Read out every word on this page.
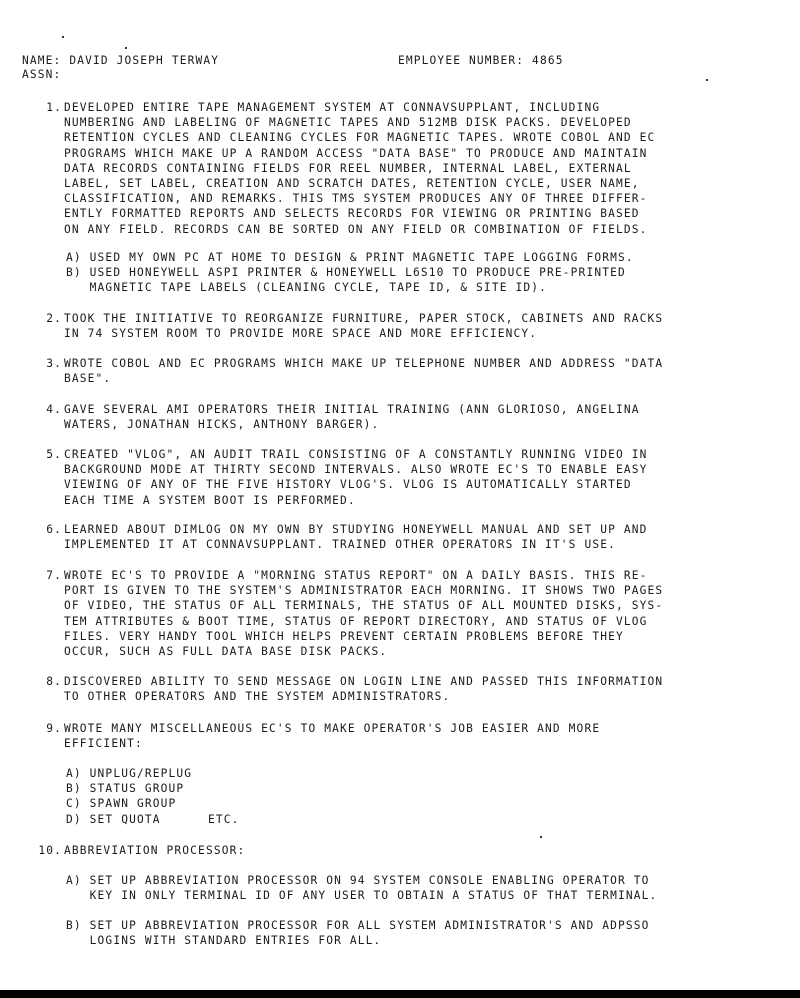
NAME: DAVID JOSEPH TERWAY	EMPLOYEE NUMBER: 4865
ASSN:
1. DEVELOPED ENTIRE TAPE MANAGEMENT SYSTEM AT CONNAVSUPPLANT, INCLUDING
NUMBERING AND LABELING OF MAGNETIC TAPES AND 512MB DISK PACKS. DEVELOPED
RETENTION CYCLES AND CLEANING CYCLES FOR MAGNETIC TAPES. WROTE COBOL AND EC
PROGRAMS WHICH MAKE UP A RANDOM ACCESS "DATA BASE" TO PRODUCE AND MAINTAIN
DATA RECORDS CONTAINING FIELDS FOR REEL NUMBER, INTERNAL LABEL, EXTERNAL
LABEL, SET LABEL, CREATION AND SCRATCH DATES, RETENTION CYCLE, USER NAME,
CLASSIFICATION, AND REMARKS. THIS TMS SYSTEM PRODUCES ANY OF THREE DIFFER-
ENTLY FORMATTED REPORTS AND SELECTS RECORDS FOR VIEWING OR PRINTING BASED
ON ANY FIELD. RECORDS CAN BE SORTED ON ANY FIELD OR COMBINATION OF FIELDS.
A) USED MY OWN PC AT HOME TO DESIGN & PRINT MAGNETIC TAPE LOGGING FORMS.
B) USED HONEYWELL ASPI PRINTER & HONEYWELL L6S10 TO PRODUCE PRE-PRINTED
MAGNETIC TAPE LABELS (CLEANING CYCLE, TAPE ID, & SITE ID).
2. TOOK THE INITIATIVE TO REORGANIZE FURNITURE, PAPER STOCK, CABINETS AND RACKS
IN 74 SYSTEM ROOM TO PROVIDE MORE SPACE AND MORE EFFICIENCY.
3. WROTE COBOL AND EC PROGRAMS WHICH MAKE UP TELEPHONE NUMBER AND ADDRESS "DATA
BASE".
4. GAVE SEVERAL AMI OPERATORS THEIR INITIAL TRAINING (ANN GLORIOSO, ANGELINA
WATERS, JONATHAN HICKS, ANTHONY BARGER).
5. CREATED "VLOG", AN AUDIT TRAIL CONSISTING OF A CONSTANTLY RUNNING VIDEO IN
BACKGROUND MODE AT THIRTY SECOND INTERVALS. ALSO WROTE EC'S TO ENABLE EASY
VIEWING OF ANY OF THE FIVE HISTORY VLOG'S. VLOG IS AUTOMATICALLY STARTED
EACH TIME A SYSTEM BOOT IS PERFORMED.
6. LEARNED ABOUT DIMLOG ON MY OWN BY STUDYING HONEYWELL MANUAL AND SET UP AND
IMPLEMENTED IT AT CONNAVSUPPLANT. TRAINED OTHER OPERATORS IN IT'S USE.
7. WROTE EC'S TO PROVIDE A "MORNING STATUS REPORT" ON A DAILY BASIS. THIS RE-
PORT IS GIVEN TO THE SYSTEM'S ADMINISTRATOR EACH MORNING. IT SHOWS TWO PAGES
OF VIDEO, THE STATUS OF ALL TERMINALS, THE STATUS OF ALL MOUNTED DISKS, SYS-
TEM ATTRIBUTES & BOOT TIME, STATUS OF REPORT DIRECTORY, AND STATUS OF VLOG
FILES. VERY HANDY TOOL WHICH HELPS PREVENT CERTAIN PROBLEMS BEFORE THEY
OCCUR, SUCH AS FULL DATA BASE DISK PACKS.
8. DISCOVERED ABILITY TO SEND MESSAGE ON LOGIN LINE AND PASSED THIS INFORMATION
TO OTHER OPERATORS AND THE SYSTEM ADMINISTRATORS.
9. WROTE MANY MISCELLANEOUS EC'S TO MAKE OPERATOR'S JOB EASIER AND MORE
EFFICIENT:
A) UNPLUG/REPLUG
B) STATUS GROUP
C) SPAWN GROUP
D) SET QUOTA      ETC.
10. ABBREVIATION PROCESSOR:
A) SET UP ABBREVIATION PROCESSOR ON 94 SYSTEM CONSOLE ENABLING OPERATOR TO
KEY IN ONLY TERMINAL ID OF ANY USER TO OBTAIN A STATUS OF THAT TERMINAL.
B) SET UP ABBREVIATION PROCESSOR FOR ALL SYSTEM ADMINISTRATOR'S AND ADPSSO
LOGINS WITH STANDARD ENTRIES FOR ALL.
